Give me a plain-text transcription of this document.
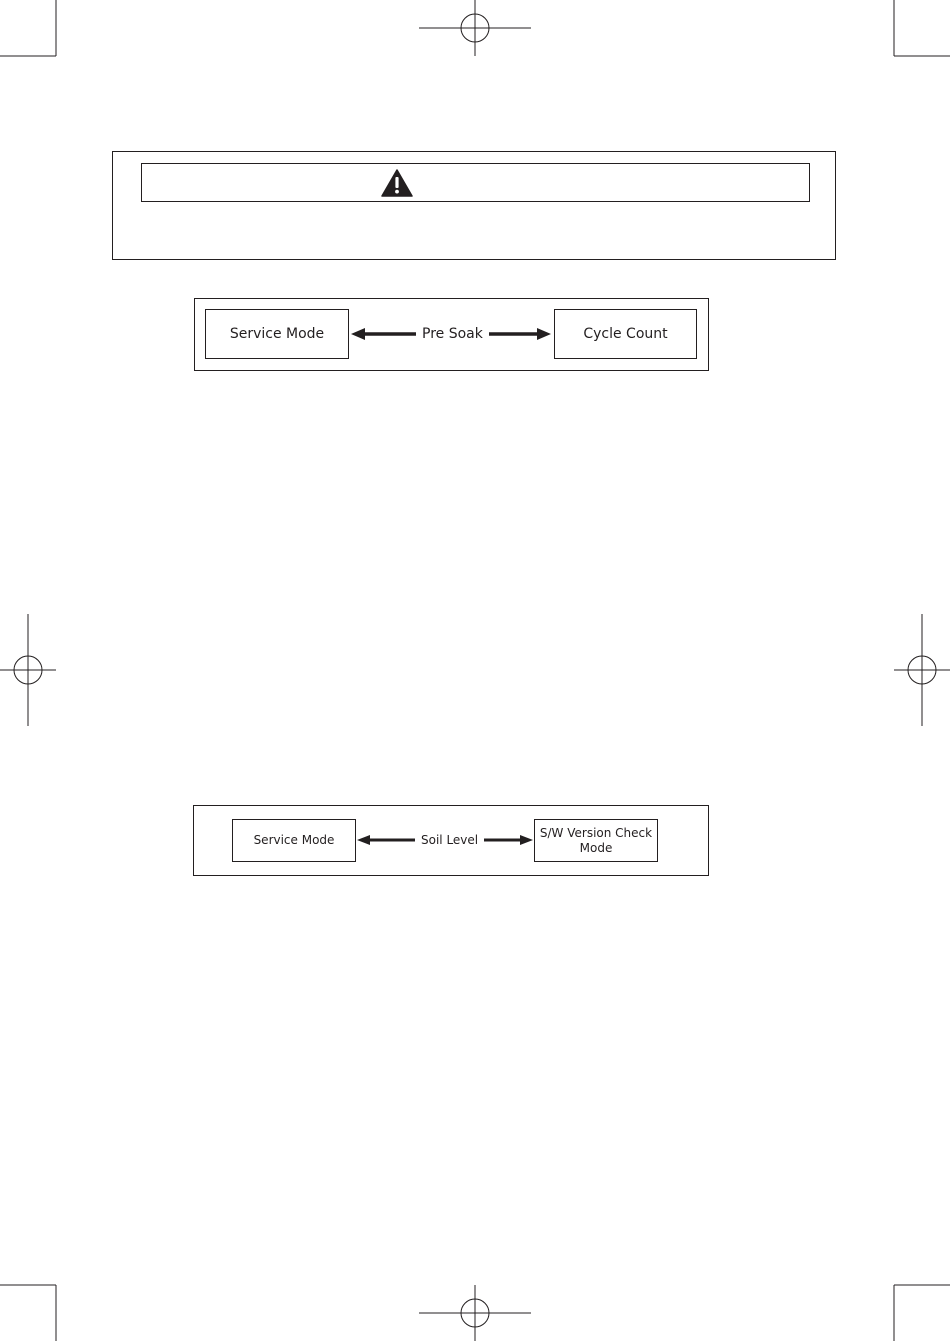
Service Mode	Pre Soak	Cycle Count
Service Mode	Soil Level
S/W Version Check
Mode
